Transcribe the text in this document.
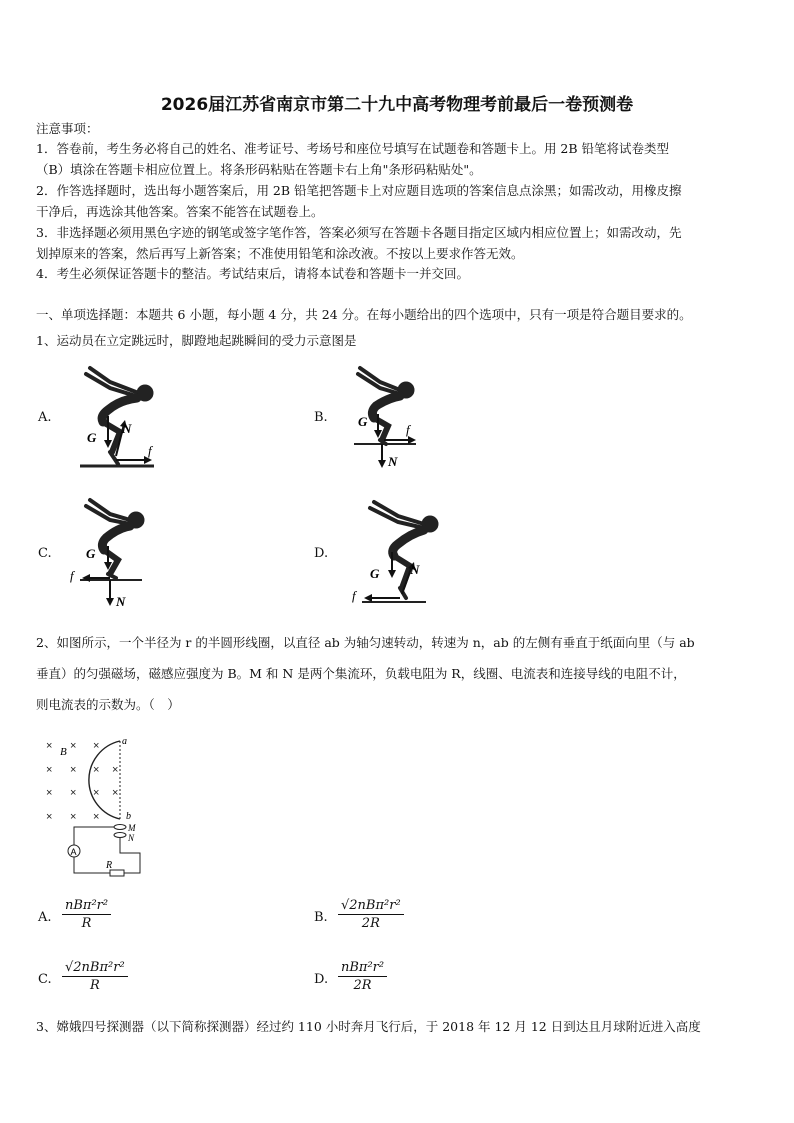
2026届江苏省南京市第二十九中高考物理考前最后一卷预测卷
注意事项：
1．答卷前，考生务必将自己的姓名、准考证号、考场号和座位号填写在试题卷和答题卡上。用 2B 铅笔将试卷类型
（B）填涂在答题卡相应位置上。将条形码粘贴在答题卡右上角"条形码粘贴处"。
2．作答选择题时，选出每小题答案后，用 2B 铅笔把答题卡上对应题目选项的答案信息点涂黑；如需改动，用橡皮擦
干净后，再选涂其他答案。答案不能答在试题卷上。
3．非选择题必须用黑色字迹的钢笔或签字笔作答，答案必须写在答题卡各题目指定区域内相应位置上；如需改动，先
划掉原来的答案，然后再写上新答案；不准使用铅笔和涂改液。不按以上要求作答无效。
4．考生必须保证答题卡的整洁。考试结束后，请将本试卷和答题卡一并交回。
一、单项选择题：本题共 6 小题，每小题 4 分，共 24 分。在每小题给出的四个选项中，只有一项是符合题目要求的。
1、运动员在立定跳远时，脚蹬地起跳瞬间的受力示意图是
A.	B.
C.	D.
G
N
f
G
N
f
G
N
f	G N
f
2、如图所示，一个半径为 r 的半圆形线圈，以直径 ab 为轴匀速转动，转速为 n，ab 的左侧有垂直于纸面向里（与 ab
垂直）的匀强磁场，磁感应强度为 B。M 和 N 是两个集流环，负载电阻为 R，线圈、电流表和连接导线的电阻不计，
则电流表的示数为。（　）
× × ×
× × × ×
× × × ×
× × ×
B
a
b
M
N
A
R
A.
nBπ²r²
R	B.
√2nBπ²r²
2R
C.
√2nBπ²r²
R	D.
nBπ²r²
2R
3、嫦娥四号探测器（以下简称探测器）经过约 110 小时奔月飞行后，于 2018 年 12 月 12 日到达且月球附近进入高度
